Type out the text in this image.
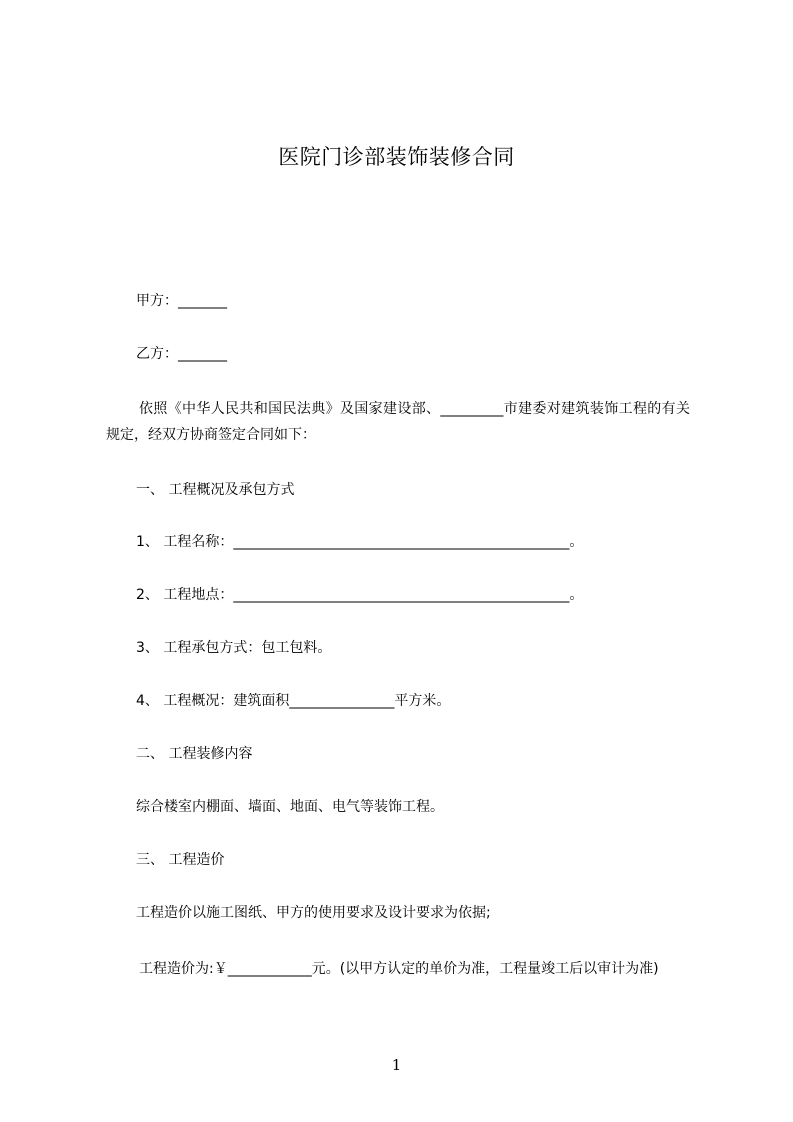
医院门诊部装饰装修合同
甲方：_______
乙方：_______
依照《中华人民共和国民法典》及国家建设部、_________市建委对建筑装饰工程的有关规定，经双方协商签定合同如下：
一、 工程概况及承包方式
1、 工程名称：________________________________________________。
2、 工程地点：________________________________________________。
3、 工程承包方式：包工包料。
4、 工程概况：建筑面积_______________平方米。
二、 工程装修内容
综合楼室内棚面、墙面、地面、电气等装饰工程。
三、 工程造价
工程造价以施工图纸、甲方的使用要求及设计要求为依据;
工程造价为:￥____________元。(以甲方认定的单价为准，工程量竣工后以审计为准)
1
